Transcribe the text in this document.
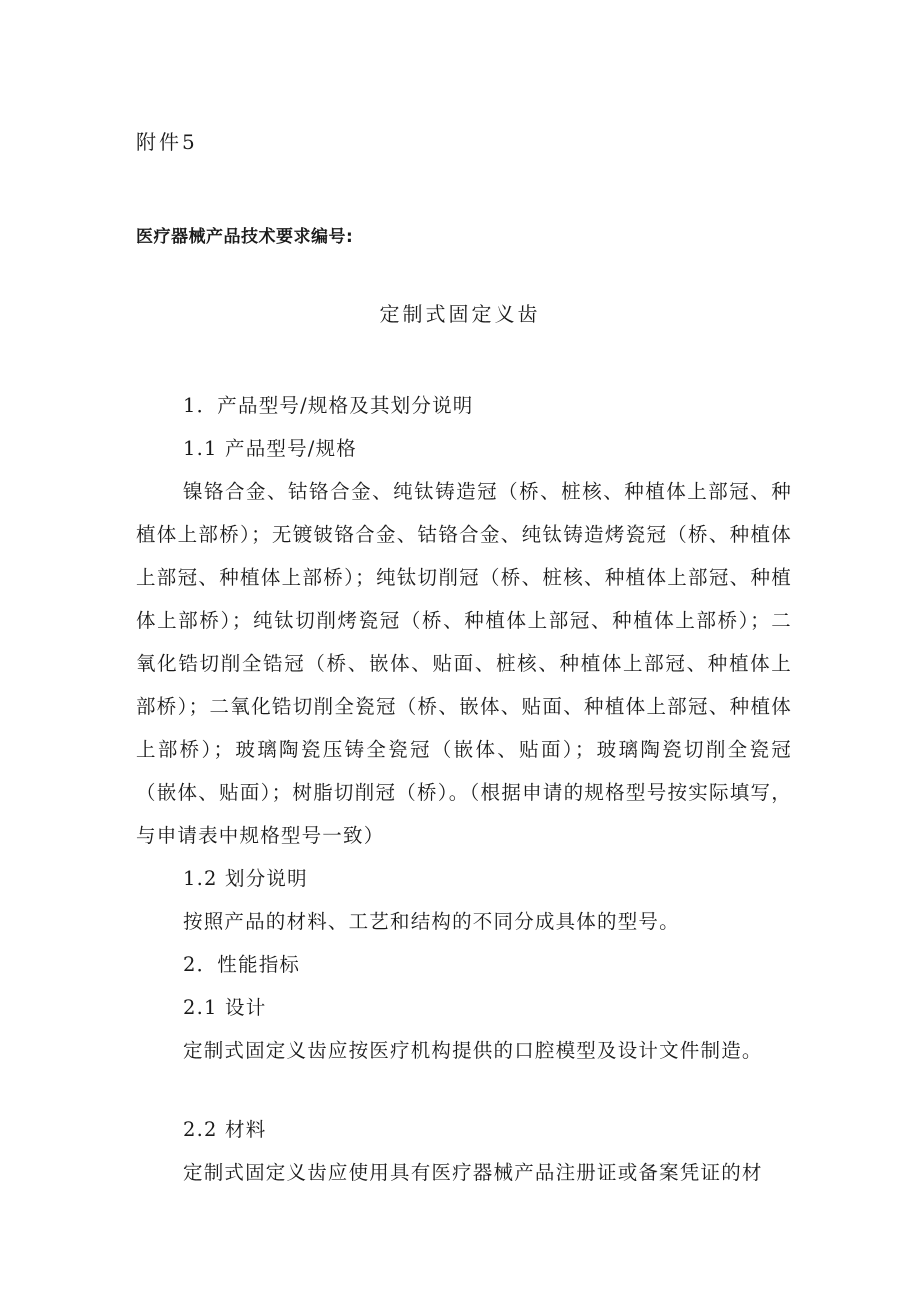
附件5
医疗器械产品技术要求编号:
定制式固定义齿

1．产品型号/规格及其划分说明

1.1 产品型号/规格

镍铬合金、钴铬合金、纯钛铸造冠（桥、桩核、种植体上部冠、种植体上部桥）；无镀铍铬合金、钴铬合金、纯钛铸造烤瓷冠（桥、种植体上部冠、种植体上部桥）；纯钛切削冠（桥、桩核、种植体上部冠、种植体上部桥）；纯钛切削烤瓷冠（桥、种植体上部冠、种植体上部桥）；二氧化锆切削全锆冠（桥、嵌体、贴面、桩核、种植体上部冠、种植体上部桥）；二氧化锆切削全瓷冠（桥、嵌体、贴面、种植体上部冠、种植体上部桥）；玻璃陶瓷压铸全瓷冠（嵌体、贴面）；玻璃陶瓷切削全瓷冠（嵌体、贴面）；树脂切削冠（桥）。（根据申请的规格型号按实际填写，与申请表中规格型号一致）

1.2 划分说明

按照产品的材料、工艺和结构的不同分成具体的型号。

2．性能指标

2.1 设计

定制式固定义齿应按医疗机构提供的口腔模型及设计文件制造。

2.2 材料

定制式固定义齿应使用具有医疗器械产品注册证或备案凭证的材
